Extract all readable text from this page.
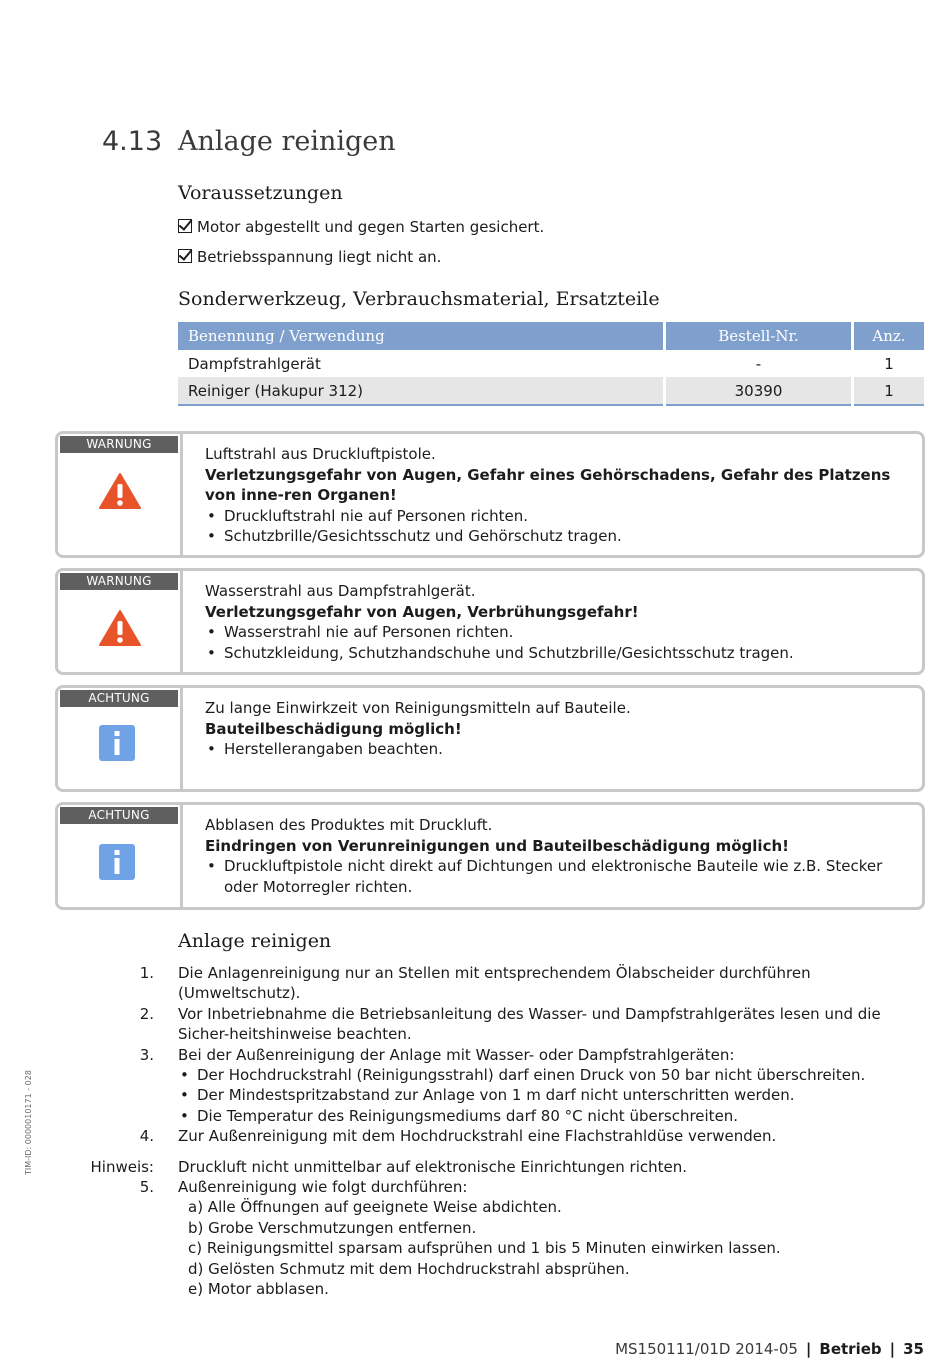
4.13 Anlage reinigen
Voraussetzungen
Motor abgestellt und gegen Starten gesichert.
Betriebsspannung liegt nicht an.
Sonderwerkzeug, Verbrauchsmaterial, Ersatzteile
Benennung / Verwendung	Bestell-Nr.	Anz.
Dampfstrahlgerät	-	1
Reiniger (Hakupur 312)	30390	1
WARNUNG
Luftstrahl aus Druckluftpistole.
Verletzungsgefahr von Augen, Gefahr eines Gehörschadens, Gefahr des Platzens von inne-ren Organen!
• Druckluftstrahl nie auf Personen richten.
• Schutzbrille/Gesichtsschutz und Gehörschutz tragen.
WARNUNG
Wasserstrahl aus Dampfstrahlgerät.
Verletzungsgefahr von Augen, Verbrühungsgefahr!
• Wasserstrahl nie auf Personen richten.
• Schutzkleidung, Schutzhandschuhe und Schutzbrille/Gesichtsschutz tragen.
ACHTUNG
Zu lange Einwirkzeit von Reinigungsmitteln auf Bauteile.
Bauteilbeschädigung möglich!
• Herstellerangaben beachten.
ACHTUNG
Abblasen des Produktes mit Druckluft.
Eindringen von Verunreinigungen und Bauteilbeschädigung möglich!
• Druckluftpistole nicht direkt auf Dichtungen und elektronische Bauteile wie z.B. Stecker oder Motorregler richten.
Anlage reinigen
1.	Die Anlagenreinigung nur an Stellen mit entsprechendem Ölabscheider durchführen (Umweltschutz).
2.	Vor Inbetriebnahme die Betriebsanleitung des Wasser- und Dampfstrahlgerätes lesen und die Sicher-heitshinweise beachten.
3.	Bei der Außenreinigung der Anlage mit Wasser- oder Dampfstrahlgeräten:
• Der Hochdruckstrahl (Reinigungsstrahl) darf einen Druck von 50 bar nicht überschreiten.
• Der Mindestspritzabstand zur Anlage von 1 m darf nicht unterschritten werden.
• Die Temperatur des Reinigungsmediums darf 80 °C nicht überschreiten.
4.	Zur Außenreinigung mit dem Hochdruckstrahl eine Flachstrahldüse verwenden.
Hinweis:	Druckluft nicht unmittelbar auf elektronische Einrichtungen richten.
5.	Außenreinigung wie folgt durchführen:
a) Alle Öffnungen auf geeignete Weise abdichten.
b) Grobe Verschmutzungen entfernen.
c) Reinigungsmittel sparsam aufsprühen und 1 bis 5 Minuten einwirken lassen.
d) Gelösten Schmutz mit dem Hochdruckstrahl absprühen.
e) Motor abblasen.
TIM-ID: 0000010171 - 028
MS150111/01D 2014-05 | Betrieb | 35
